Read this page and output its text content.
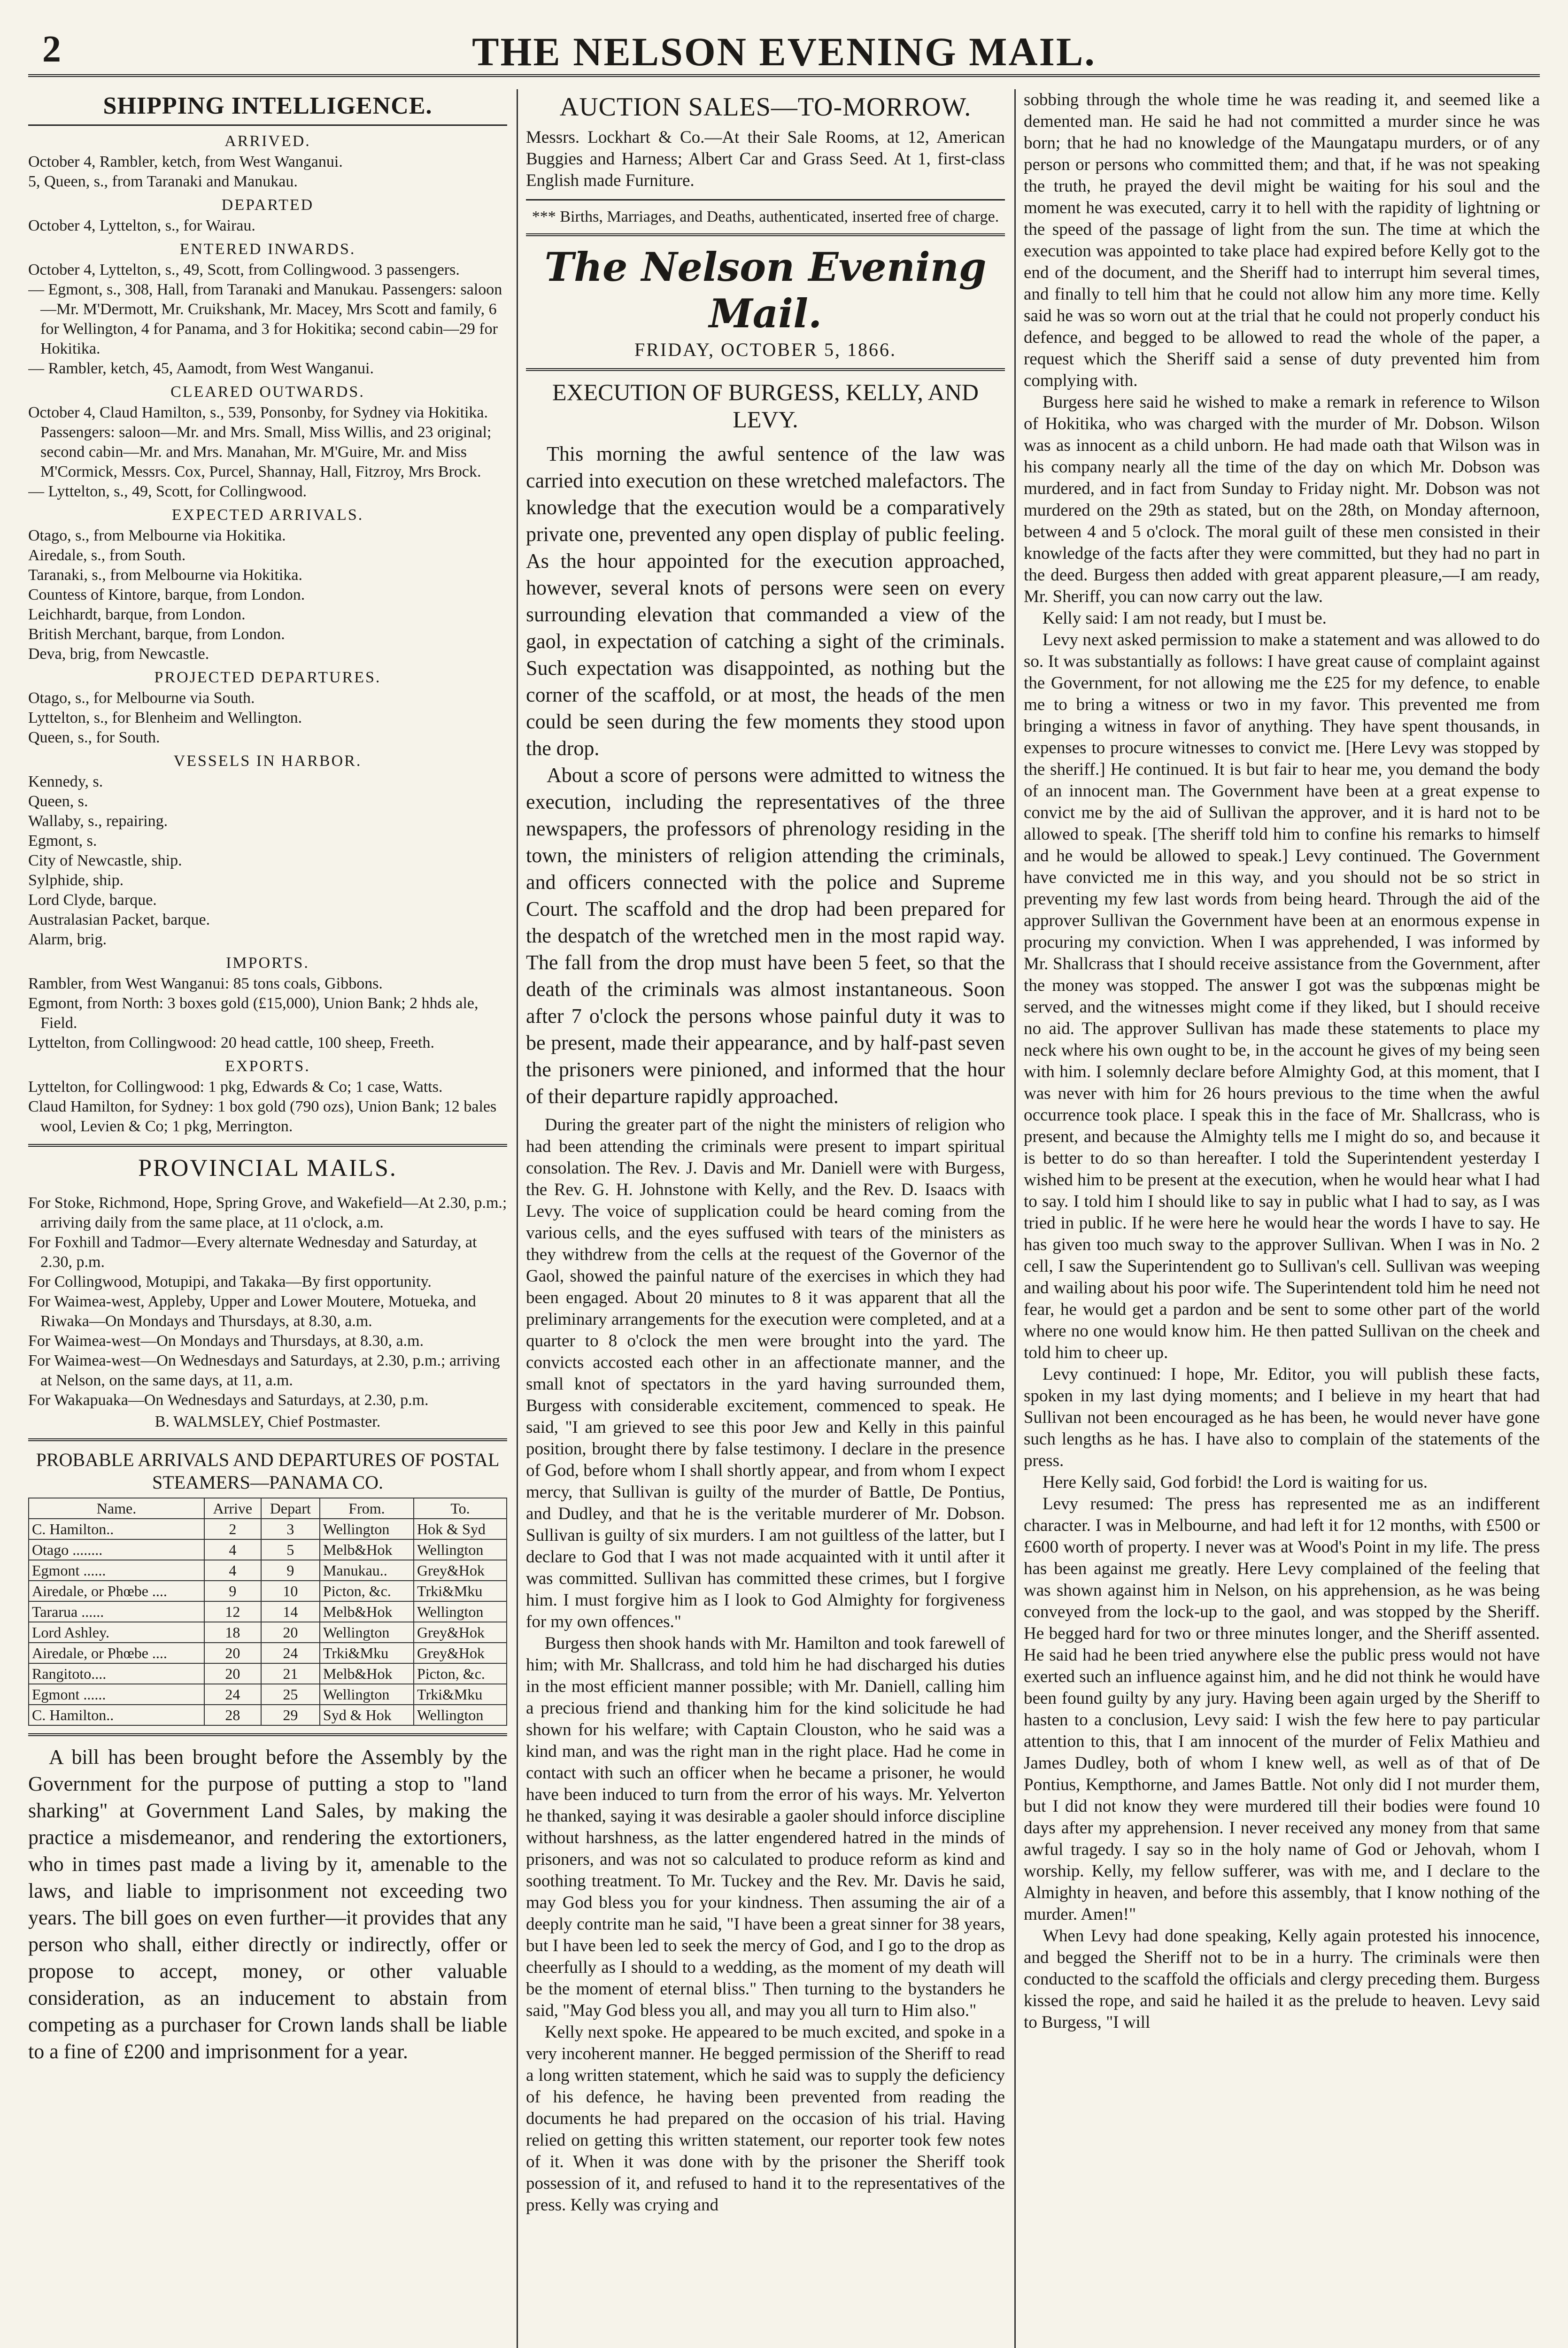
2	THE NELSON EVENING MAIL.
SHIPPING INTELLIGENCE.
ARRIVED.

October 4, Rambler, ketch, from West Wanganui.

5, Queen, s., from Taranaki and Manukau.

DEPARTED

October 4, Lyttelton, s., for Wairau.

ENTERED INWARDS.

October 4, Lyttelton, s., 49, Scott, from Collingwood. 3 passengers.

— Egmont, s., 308, Hall, from Taranaki and Manukau. Passengers: saloon—Mr. M'Dermott, Mr. Cruikshank, Mr. Macey, Mrs Scott and family, 6 for Wellington, 4 for Panama, and 3 for Hokitika; second cabin—29 for Hokitika.

— Rambler, ketch, 45, Aamodt, from West Wanganui.

CLEARED OUTWARDS.

October 4, Claud Hamilton, s., 539, Ponsonby, for Sydney via Hokitika. Passengers: saloon—Mr. and Mrs. Small, Miss Willis, and 23 original; second cabin—Mr. and Mrs. Manahan, Mr. M'Guire, Mr. and Miss M'Cormick, Messrs. Cox, Purcel, Shannay, Hall, Fitzroy, Mrs Brock.

— Lyttelton, s., 49, Scott, for Collingwood.

EXPECTED ARRIVALS.

Otago, s., from Melbourne via Hokitika.

Airedale, s., from South.

Taranaki, s., from Melbourne via Hokitika.

Countess of Kintore, barque, from London.

Leichhardt, barque, from London.

British Merchant, barque, from London.

Deva, brig, from Newcastle.

PROJECTED DEPARTURES.

Otago, s., for Melbourne via South.

Lyttelton, s., for Blenheim and Wellington.

Queen, s., for South.

VESSELS IN HARBOR.

Kennedy, s.

Queen, s.

Wallaby, s., repairing.

Egmont, s.

City of Newcastle, ship.

Sylphide, ship.

Lord Clyde, barque.

Australasian Packet, barque.

Alarm, brig.

IMPORTS.

Rambler, from West Wanganui: 85 tons coals, Gibbons.

Egmont, from North: 3 boxes gold (£15,000), Union Bank; 2 hhds ale, Field.

Lyttelton, from Collingwood: 20 head cattle, 100 sheep, Freeth.

EXPORTS.

Lyttelton, for Collingwood: 1 pkg, Edwards & Co; 1 case, Watts.

Claud Hamilton, for Sydney: 1 box gold (790 ozs), Union Bank; 12 bales wool, Levien & Co; 1 pkg, Merrington.

PROVINCIAL MAILS.

For Stoke, Richmond, Hope, Spring Grove, and Wakefield—At 2.30, p.m.; arriving daily from the same place, at 11 o'clock, a.m.

For Foxhill and Tadmor—Every alternate Wednesday and Saturday, at 2.30, p.m.

For Collingwood, Motupipi, and Takaka—By first opportunity.

For Waimea-west, Appleby, Upper and Lower Moutere, Motueka, and Riwaka—On Mondays and Thursdays, at 8.30, a.m.

For Waimea-west—On Mondays and Thursdays, at 8.30, a.m.

For Waimea-west—On Wednesdays and Saturdays, at 2.30, p.m.; arriving at Nelson, on the same days, at 11, a.m.

For Wakapuaka—On Wednesdays and Saturdays, at 2.30, p.m.

B. WALMSLEY, Chief Postmaster.
PROBABLE ARRIVALS AND DEPARTURES OF POSTAL STEAMERS—PANAMA CO.
Name.	Arrive	Depart	From.	To.
C. Hamilton..	2	3	Wellington	Hok & Syd
Otago ........	4	5	Melb&Hok	Wellington
Egmont ......	4	9	Manukau..	Grey&Hok
Airedale, or Phœbe ....	9	10	Picton, &c.	Trki&Mku
Tararua ......	12	14	Melb&Hok	Wellington
Lord Ashley.	18	20	Wellington	Grey&Hok
Airedale, or Phœbe ....	20	24	Trki&Mku	Grey&Hok
Rangitoto....	20	21	Melb&Hok	Picton, &c.
Egmont ......	24	25	Wellington	Trki&Mku
C. Hamilton..	28	29	Syd & Hok	Wellington

A bill has been brought before the Assembly by the Government for the purpose of putting a stop to "land sharking" at Government Land Sales, by making the practice a misdemeanor, and rendering the extortioners, who in times past made a living by it, amenable to the laws, and liable to imprisonment not exceeding two years. The bill goes on even further—it provides that any person who shall, either directly or indirectly, offer or propose to accept, money, or other valuable consideration, as an inducement to abstain from competing as a purchaser for Crown lands shall be liable to a fine of £200 and imprisonment for a year.

AUCTION SALES—TO-MORROW.

Messrs. Lockhart & Co.—At their Sale Rooms, at 12, American Buggies and Harness; Albert Car and Grass Seed. At 1, first-class English made Furniture.

*** Births, Marriages, and Deaths, authenticated, inserted free of charge.
The Nelson Evening Mail.
FRIDAY, OCTOBER 5, 1866.
EXECUTION OF BURGESS, KELLY, AND LEVY.

This morning the awful sentence of the law was carried into execution on these wretched malefactors. The knowledge that the execution would be a comparatively private one, prevented any open display of public feeling. As the hour appointed for the execution approached, however, several knots of persons were seen on every surrounding elevation that commanded a view of the gaol, in expectation of catching a sight of the criminals. Such expectation was disappointed, as nothing but the corner of the scaffold, or at most, the heads of the men could be seen during the few moments they stood upon the drop.

About a score of persons were admitted to witness the execution, including the representatives of the three newspapers, the professors of phrenology residing in the town, the ministers of religion attending the criminals, and officers connected with the police and Supreme Court. The scaffold and the drop had been prepared for the despatch of the wretched men in the most rapid way. The fall from the drop must have been 5 feet, so that the death of the criminals was almost instantaneous. Soon after 7 o'clock the persons whose painful duty it was to be present, made their appearance, and by half-past seven the prisoners were pinioned, and informed that the hour of their departure rapidly approached.

During the greater part of the night the ministers of religion who had been attending the criminals were present to impart spiritual consolation. The Rev. J. Davis and Mr. Daniell were with Burgess, the Rev. G. H. Johnstone with Kelly, and the Rev. D. Isaacs with Levy. The voice of supplication could be heard coming from the various cells, and the eyes suffused with tears of the ministers as they withdrew from the cells at the request of the Governor of the Gaol, showed the painful nature of the exercises in which they had been engaged. About 20 minutes to 8 it was apparent that all the preliminary arrangements for the execution were completed, and at a quarter to 8 o'clock the men were brought into the yard. The convicts accosted each other in an affectionate manner, and the small knot of spectators in the yard having surrounded them, Burgess with considerable excitement, commenced to speak. He said, "I am grieved to see this poor Jew and Kelly in this painful position, brought there by false testimony. I declare in the presence of God, before whom I shall shortly appear, and from whom I expect mercy, that Sullivan is guilty of the murder of Battle, De Pontius, and Dudley, and that he is the veritable murderer of Mr. Dobson. Sullivan is guilty of six murders. I am not guiltless of the latter, but I declare to God that I was not made acquainted with it until after it was committed. Sullivan has committed these crimes, but I forgive him. I must forgive him as I look to God Almighty for forgiveness for my own offences."

Burgess then shook hands with Mr. Hamilton and took farewell of him; with Mr. Shallcrass, and told him he had discharged his duties in the most efficient manner possible; with Mr. Daniell, calling him a precious friend and thanking him for the kind solicitude he had shown for his welfare; with Captain Clouston, who he said was a kind man, and was the right man in the right place. Had he come in contact with such an officer when he became a prisoner, he would have been induced to turn from the error of his ways. Mr. Yelverton he thanked, saying it was desirable a gaoler should inforce discipline without harshness, as the latter engendered hatred in the minds of prisoners, and was not so calculated to produce reform as kind and soothing treatment. To Mr. Tuckey and the Rev. Mr. Davis he said, may God bless you for your kindness. Then assuming the air of a deeply contrite man he said, "I have been a great sinner for 38 years, but I have been led to seek the mercy of God, and I go to the drop as cheerfully as I should to a wedding, as the moment of my death will be the moment of eternal bliss." Then turning to the bystanders he said, "May God bless you all, and may you all turn to Him also."

Kelly next spoke. He appeared to be much excited, and spoke in a very incoherent manner. He begged permission of the Sheriff to read a long written statement, which he said was to supply the deficiency of his defence, he having been prevented from reading the documents he had prepared on the occasion of his trial. Having relied on getting this written statement, our reporter took few notes of it. When it was done with by the prisoner the Sheriff took possession of it, and refused to hand it to the representatives of the press. Kelly was crying and

sobbing through the whole time he was reading it, and seemed like a demented man. He said he had not committed a murder since he was born; that he had no knowledge of the Maungatapu murders, or of any person or persons who committed them; and that, if he was not speaking the truth, he prayed the devil might be waiting for his soul and the moment he was executed, carry it to hell with the rapidity of lightning or the speed of the passage of light from the sun. The time at which the execution was appointed to take place had expired before Kelly got to the end of the document, and the Sheriff had to interrupt him several times, and finally to tell him that he could not allow him any more time. Kelly said he was so worn out at the trial that he could not properly conduct his defence, and begged to be allowed to read the whole of the paper, a request which the Sheriff said a sense of duty prevented him from complying with.

Burgess here said he wished to make a remark in reference to Wilson of Hokitika, who was charged with the murder of Mr. Dobson. Wilson was as innocent as a child unborn. He had made oath that Wilson was in his company nearly all the time of the day on which Mr. Dobson was murdered, and in fact from Sunday to Friday night. Mr. Dobson was not murdered on the 29th as stated, but on the 28th, on Monday afternoon, between 4 and 5 o'clock. The moral guilt of these men consisted in their knowledge of the facts after they were committed, but they had no part in the deed. Burgess then added with great apparent pleasure,—I am ready, Mr. Sheriff, you can now carry out the law.

Kelly said: I am not ready, but I must be.

Levy next asked permission to make a statement and was allowed to do so. It was substantially as follows: I have great cause of complaint against the Government, for not allowing me the £25 for my defence, to enable me to bring a witness or two in my favor. This prevented me from bringing a witness in favor of anything. They have spent thousands, in expenses to procure witnesses to convict me. [Here Levy was stopped by the sheriff.] He continued. It is but fair to hear me, you demand the body of an innocent man. The Government have been at a great expense to convict me by the aid of Sullivan the approver, and it is hard not to be allowed to speak. [The sheriff told him to confine his remarks to himself and he would be allowed to speak.] Levy continued. The Government have convicted me in this way, and you should not be so strict in preventing my few last words from being heard. Through the aid of the approver Sullivan the Government have been at an enormous expense in procuring my conviction. When I was apprehended, I was informed by Mr. Shallcrass that I should receive assistance from the Government, after the money was stopped. The answer I got was the subpœnas might be served, and the witnesses might come if they liked, but I should receive no aid. The approver Sullivan has made these statements to place my neck where his own ought to be, in the account he gives of my being seen with him. I solemnly declare before Almighty God, at this moment, that I was never with him for 26 hours previous to the time when the awful occurrence took place. I speak this in the face of Mr. Shallcrass, who is present, and because the Almighty tells me I might do so, and because it is better to do so than hereafter. I told the Superintendent yesterday I wished him to be present at the execution, when he would hear what I had to say. I told him I should like to say in public what I had to say, as I was tried in public. If he were here he would hear the words I have to say. He has given too much sway to the approver Sullivan. When I was in No. 2 cell, I saw the Superintendent go to Sullivan's cell. Sullivan was weeping and wailing about his poor wife. The Superintendent told him he need not fear, he would get a pardon and be sent to some other part of the world where no one would know him. He then patted Sullivan on the cheek and told him to cheer up.

Levy continued: I hope, Mr. Editor, you will publish these facts, spoken in my last dying moments; and I believe in my heart that had Sullivan not been encouraged as he has been, he would never have gone such lengths as he has. I have also to complain of the statements of the press.

Here Kelly said, God forbid! the Lord is waiting for us.

Levy resumed: The press has represented me as an indifferent character. I was in Melbourne, and had left it for 12 months, with £500 or £600 worth of property. I never was at Wood's Point in my life. The press has been against me greatly. Here Levy complained of the feeling that was shown against him in Nelson, on his apprehension, as he was being conveyed from the lock-up to the gaol, and was stopped by the Sheriff. He begged hard for two or three minutes longer, and the Sheriff assented. He said had he been tried anywhere else the public press would not have exerted such an influence against him, and he did not think he would have been found guilty by any jury. Having been again urged by the Sheriff to hasten to a conclusion, Levy said: I wish the few here to pay particular attention to this, that I am innocent of the murder of Felix Mathieu and James Dudley, both of whom I knew well, as well as of that of De Pontius, Kempthorne, and James Battle. Not only did I not murder them, but I did not know they were murdered till their bodies were found 10 days after my apprehension. I never received any money from that same awful tragedy. I say so in the holy name of God or Jehovah, whom I worship. Kelly, my fellow sufferer, was with me, and I declare to the Almighty in heaven, and before this assembly, that I know nothing of the murder. Amen!"

When Levy had done speaking, Kelly again protested his innocence, and begged the Sheriff not to be in a hurry. The criminals were then conducted to the scaffold the officials and clergy preceding them. Burgess kissed the rope, and said he hailed it as the prelude to heaven. Levy said to Burgess, "I will
